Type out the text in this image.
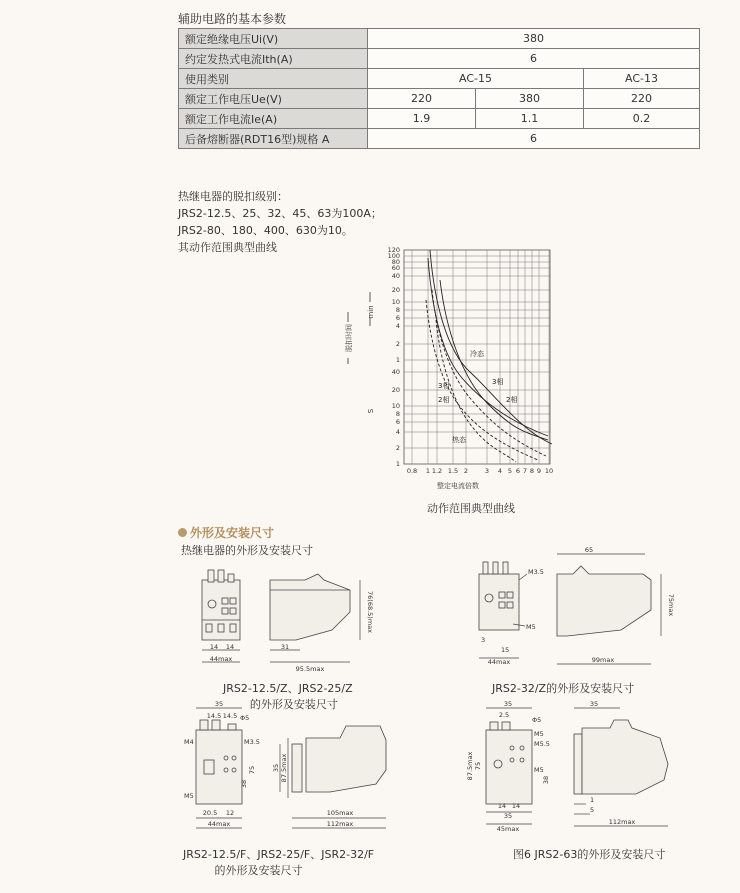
辅助电路的基本参数
额定绝缘电压Ui(V)	380		
约定发热式电流Ith(A)	6		
使用类别	AC-15		AC-13
额定工作电压Ue(V)	220	380	220
额定工作电流Ie(A)	1.9	1.1	0.2
后备熔断器(RDT16型)规格 A	6		
热继电器的脱扣级别：
JRS2-12.5、25、32、45、63为100A；
JRS2-80、180、400、630为10。
其动作范围典型曲线
0.8 1 1.2 1.5 2	3 4 5 6 7 8 9 10
120
100
80
60
40
20
10
8
6
4
2
1
40
20
10
8
6
4
2
1
冷态
3相
3相
2相	2相
热态
脱扣时间
min
S
整定电流倍数
动作范围典型曲线
外形及安装尺寸
热继电器的外形及安装尺寸
14 14
44max
31
95.5max
76(68.5)max
JRS2-12.5/Z、JRS2-25/Z
的外形及安装尺寸
M3.5
M5
3
15
44max
65
75max
99max
JRS2-32/Z的外形及安装尺寸
35
14.5 14.5 Φ5
M4	M3.5
75
38
M5
20.5 12
44max
35 87.5max
105max
112max
JRS2-12.5/F、JRS2-25/F、JSR2-32/F
的外形及安装尺寸
35
2.5
Φ5
M5
M5.5
87.5max 75
38
M5
14 14
35
45max
35
1
5
112max
图6 JRS2-63的外形及安装尺寸
